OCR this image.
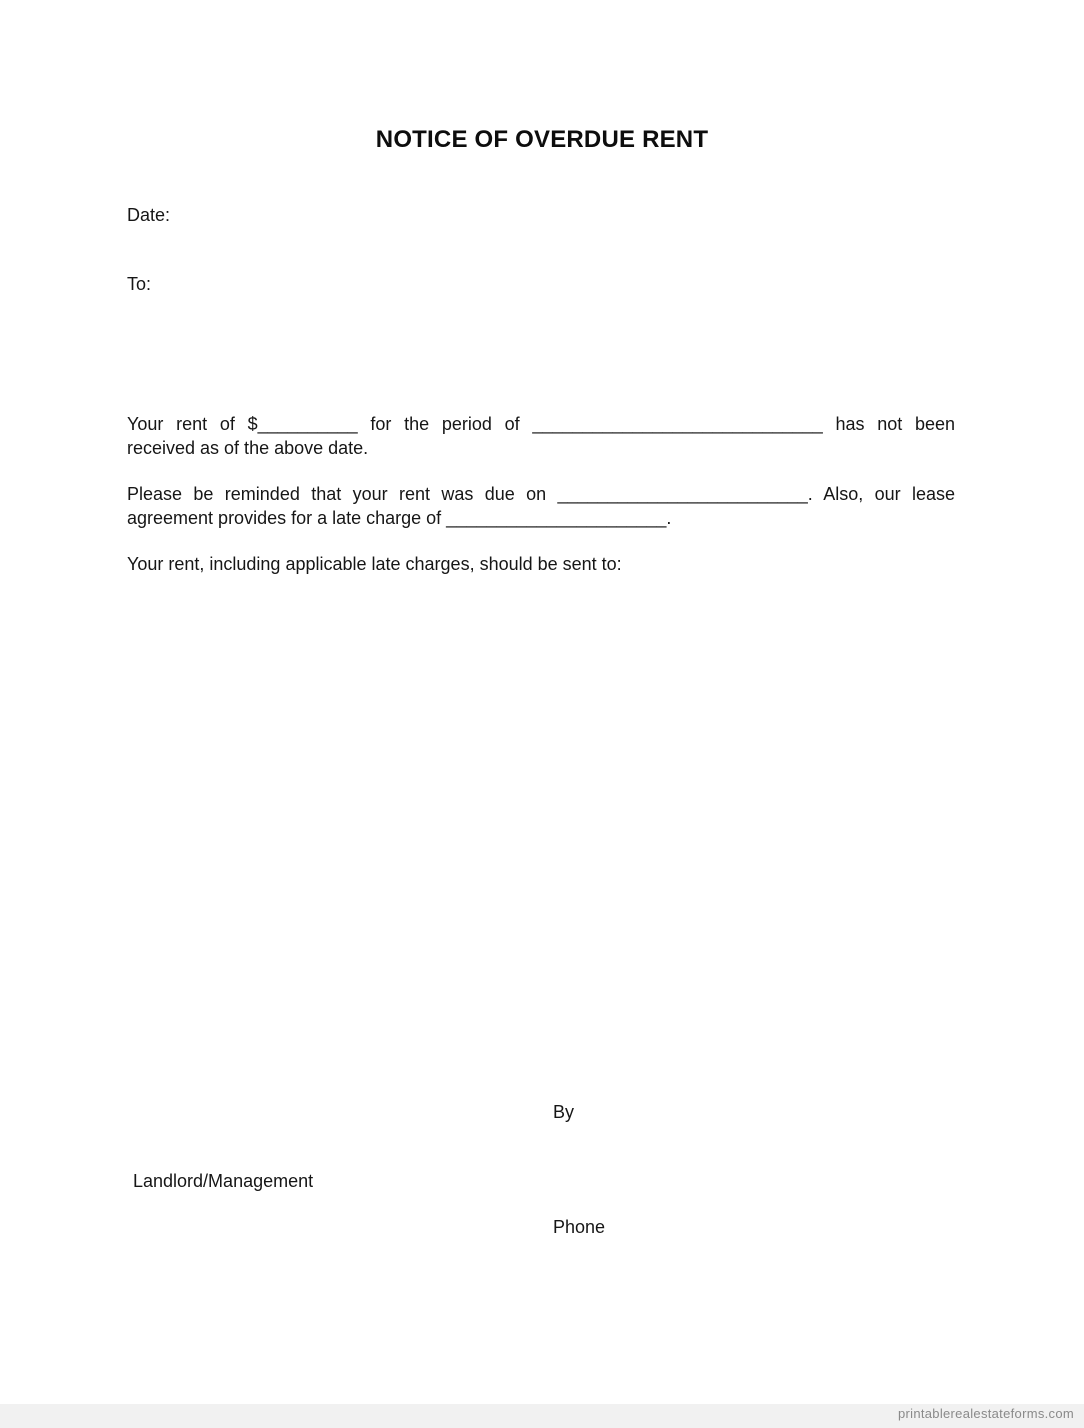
NOTICE OF OVERDUE RENT
Date:
To:
Your rent of $__________ for the period of _____________________________ has not been
received as of the above date.
Please be reminded that your rent was due on _________________________. Also, our lease
agreement provides for a late charge of ______________________.
Your rent, including applicable late charges, should be sent to:
By
Landlord/Management
Phone
printablerealestateforms.com
